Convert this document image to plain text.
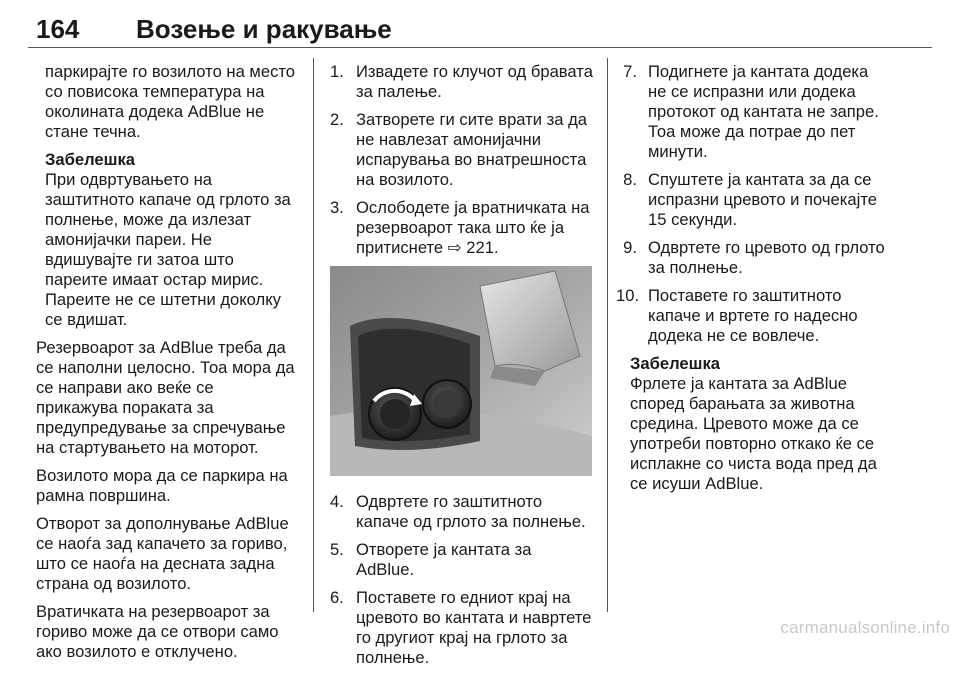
164 Возење и ракување

паркирајте го возилото на место со повисока температура на околината додека AdBlue не стане течна.

Забелешка

При одвртувањето на заштитното капаче од грлото за полнење, може да излезат амонијачки пареи. Не вдишувајте ги затоа што пареите имаат остар мирис. Пареите не се штетни доколку се вдишат.

Резервоарот за AdBlue треба да се наполни целосно. Тоа мора да се направи ако веќе се прикажува пораката за предупредување за спречување на стартувањето на моторот.

Возилото мора да се паркира на рамна површина.

Отворот за дополнување AdBlue се наоѓа зад капачето за гориво, што се наоѓа на десната задна страна од возилото.

Вратичката на резервоарот за гориво може да се отвори само ако возилото е отклучено.

1. Извадете го клучот од бравата за палење.
2. Затворете ги сите врати за да не навлезат амонијачни испарувања во внатрешноста на возилото.
3. Ослободете ја вратничката на резервоарот така што ќе ја притиснете ⇨ 221.
4. Одвртете го заштитното капаче од грлото за полнење.
5. Отворете ја кантата за AdBlue.
6. Поставете го едниот крај на цревото во кантата и навртете го другиот крај на грлото за полнење.
7. Подигнете ја кантата додека не се испразни или додека протокот од кантата не запре. Тоа може да потрае до пет минути.
8. Спуштете ја кантата за да се испразни цревото и почекајте 15 секунди.
9. Одвртете го цревото од грлото за полнење.
10. Поставете го заштитното капаче и вртете го надесно додека не се вовлече.

Забелешка

Фрлете ја кантата за AdBlue според барањата за животна средина. Цревото може да се употреби повторно откако ќе се исплакне со чиста вода пред да се исуши AdBlue.

carmanualsonline.info
